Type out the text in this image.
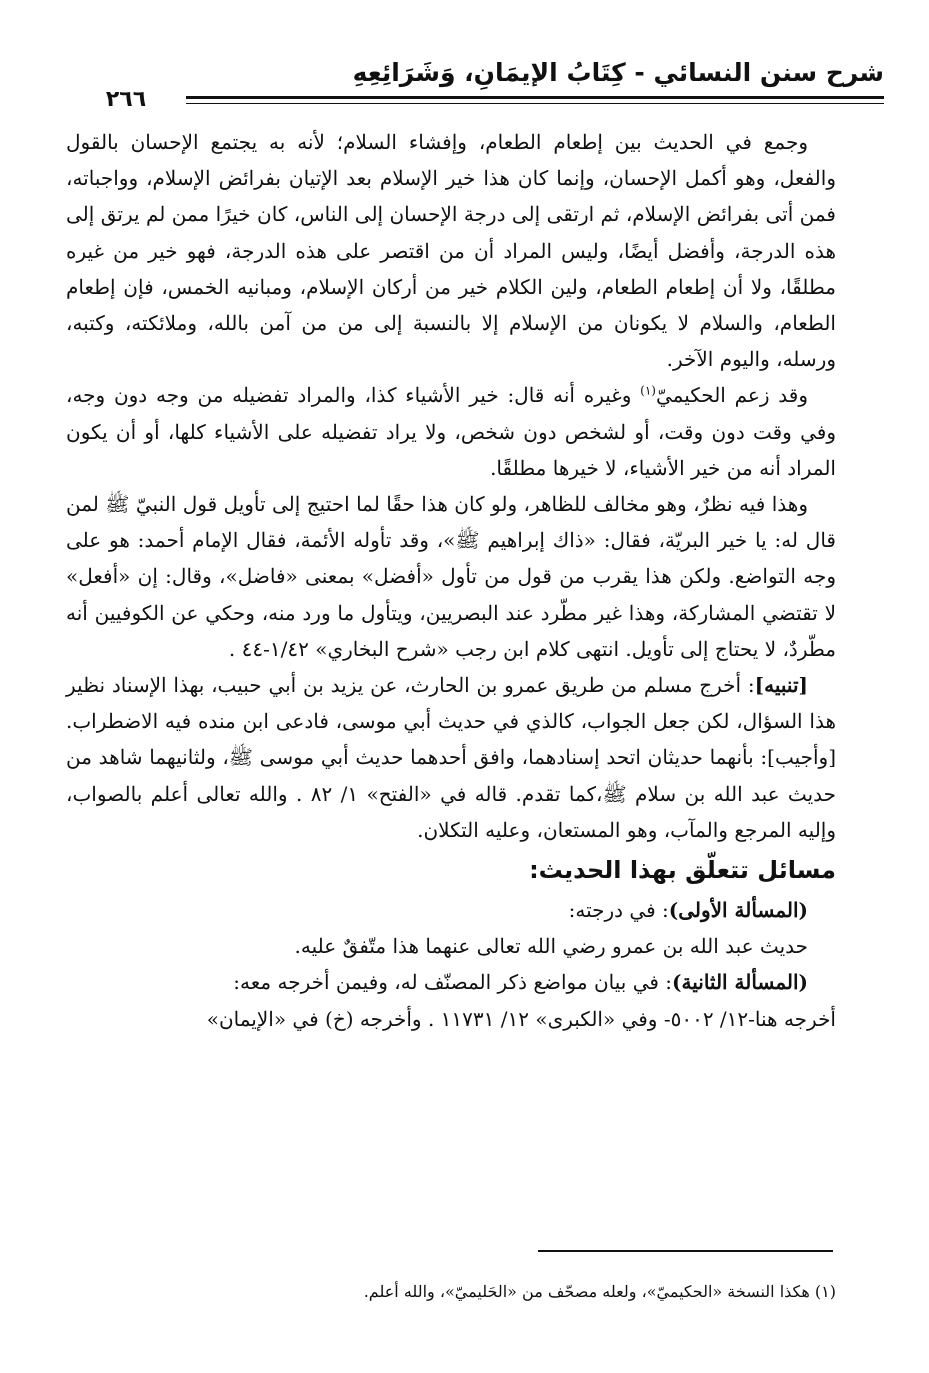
شرح سنن النسائي - كِتَابُ الإيمَانِ، وَشَرَائِعِهِ
٢٦٦

وجمع في الحديث بين إطعام الطعام، وإفشاء السلام؛ لأنه به يجتمع الإحسان بالقول والفعل، وهو أكمل الإحسان، وإنما كان هذا خير الإسلام بعد الإتيان بفرائض الإسلام، وواجباته، فمن أتى بفرائض الإسلام، ثم ارتقى إلى درجة الإحسان إلى الناس، كان خيرًا ممن لم يرتق إلى هذه الدرجة، وأفضل أيضًا، وليس المراد أن من اقتصر على هذه الدرجة، فهو خير من غيره مطلقًا، ولا أن إطعام الطعام، ولين الكلام خير من أركان الإسلام، ومبانيه الخمس، فإن إطعام الطعام، والسلام لا يكونان من الإسلام إلا بالنسبة إلى من من آمن بالله، وملائكته، وكتبه، ورسله، واليوم الآخر.

وقد زعم الحكيميّ$^{(١)}$ وغيره أنه قال: خير الأشياء كذا، والمراد تفضيله من وجه دون وجه، وفي وقت دون وقت، أو لشخص دون شخص، ولا يراد تفضيله على الأشياء كلها، أو أن يكون المراد أنه من خير الأشياء، لا خيرها مطلقًا.

وهذا فيه نظرٌ، وهو مخالف للظاهر، ولو كان هذا حقًا لما احتيج إلى تأويل قول النبيّ ﷺ لمن قال له: يا خير البريّة، فقال: «ذاك إبراهيم ﷺ»، وقد تأوله الأئمة، فقال الإمام أحمد: هو على وجه التواضع. ولكن هذا يقرب من قول من تأول «أفضل» بمعنى «فاضل»، وقال: إن «أفعل» لا تقتضي المشاركة، وهذا غير مطّرد عند البصريين، ويتأول ما ورد منه، وحكي عن الكوفيين أنه مطّردٌ، لا يحتاج إلى تأويل. انتهى كلام ابن رجب «شرح البخاري» ١/٤٢-٤٤ .

[تنبيه]: أخرج مسلم من طريق عمرو بن الحارث، عن يزيد بن أبي حبيب، بهذا الإسناد نظير هذا السؤال، لكن جعل الجواب، كالذي في حديث أبي موسى، فادعى ابن منده فيه الاضطراب. [وأجيب]: بأنهما حديثان اتحد إسنادهما، وافق أحدهما حديث أبي موسى ﷺ، ولثانيهما شاهد من حديث عبد الله بن سلام ﷺ،كما تقدم. قاله في «الفتح» ١/ ٨٢ . والله تعالى أعلم بالصواب، وإليه المرجع والمآب، وهو المستعان، وعليه التكلان.

مسائل تتعلّق بهذا الحديث:

(المسألة الأولى): في درجته:

حديث عبد الله بن عمرو رضي الله تعالى عنهما هذا متّفقٌ عليه.

(المسألة الثانية): في بيان مواضع ذكر المصنّف له، وفيمن أخرجه معه:

أخرجه هنا-١٢/ ٥٠٠٢- وفي «الكبرى» ١٢/ ١١٧٣١ . وأخرجه (خ) في «الإيمان»

(١) هكذا النسخة «الحكيميّ»، ولعله مصحّف من «الحَليميّ»، والله أعلم.
